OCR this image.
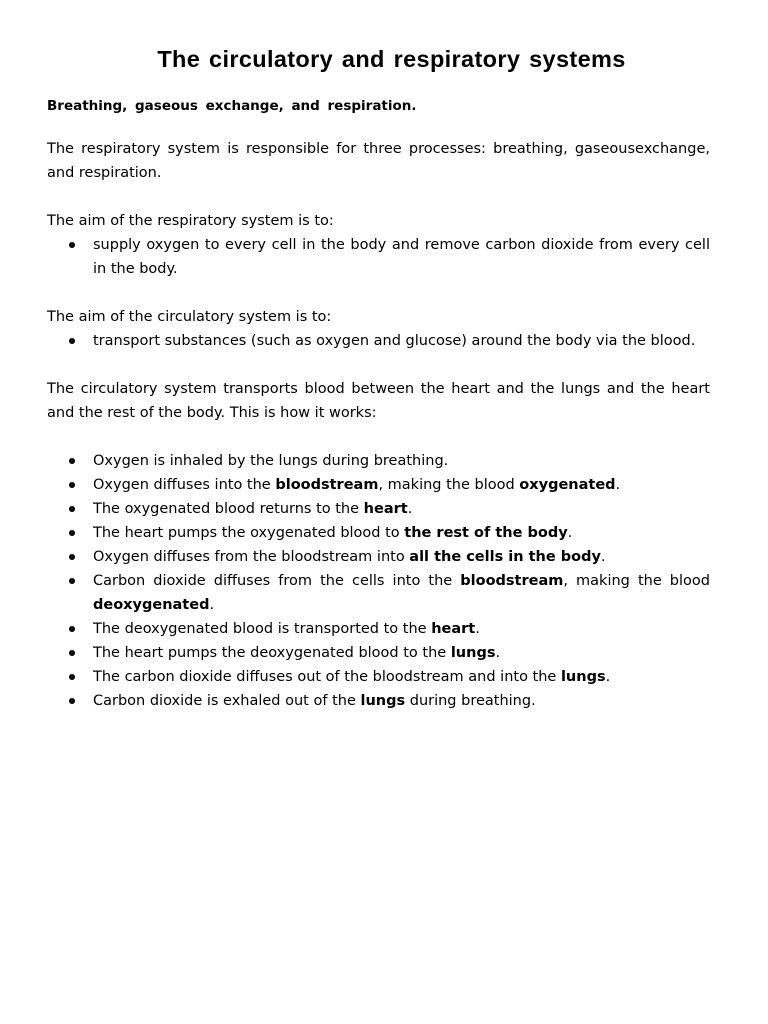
The circulatory and respiratory systems

Breathing, gaseous exchange, and respiration.

The respiratory system is responsible for three processes: breathing, gaseousexchange, and respiration.

The aim of the respiratory system is to:

supply oxygen to every cell in the body and remove carbon dioxide from every cell in the body.

The aim of the circulatory system is to:

transport substances (such as oxygen and glucose) around the body via the blood.

The circulatory system transports blood between the heart and the lungs and the heart and the rest of the body. This is how it works:

Oxygen is inhaled by the lungs during breathing.
Oxygen diffuses into the bloodstream, making the blood oxygenated.
The oxygenated blood returns to the heart.
The heart pumps the oxygenated blood to the rest of the body.
Oxygen diffuses from the bloodstream into all the cells in the body.
Carbon dioxide diffuses from the cells into the bloodstream, making the blood deoxygenated.
The deoxygenated blood is transported to the heart.
The heart pumps the deoxygenated blood to the lungs.
The carbon dioxide diffuses out of the bloodstream and into the lungs.
Carbon dioxide is exhaled out of the lungs during breathing.
